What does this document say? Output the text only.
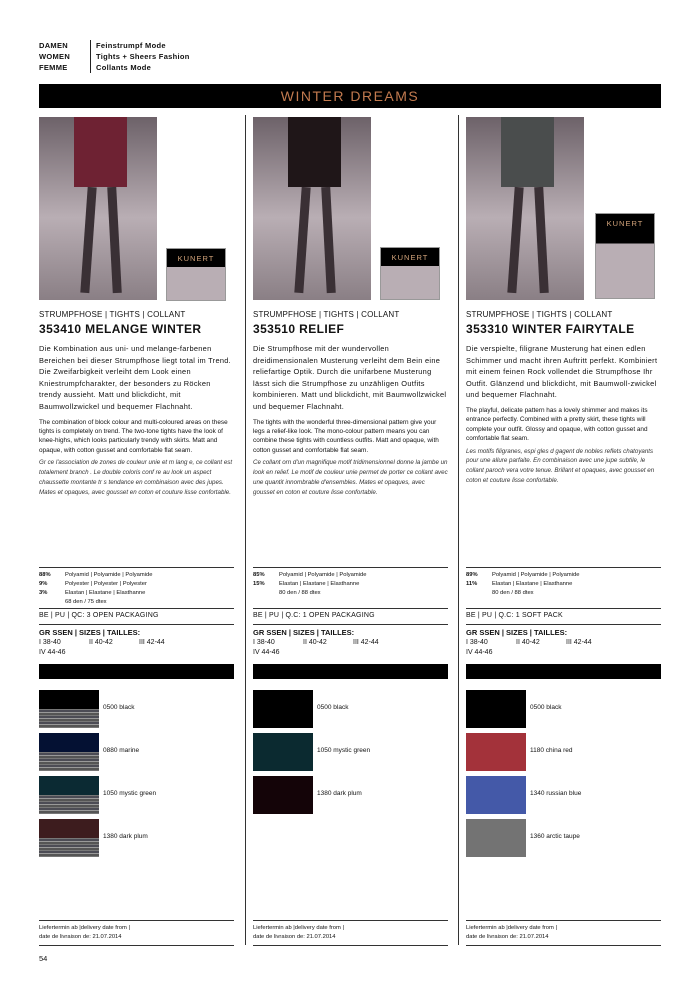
DAMEN	Feinstrumpf Mode
WOMEN	Tights + Sheers Fashion
FEMME	Collants Mode
WINTER DREAMS
KUNERT
STRUMPFHOSE | TIGHTS | COLLANT
353410 MELANGE WINTER
Die Kombination aus uni- und melange-farbenen Bereichen bei dieser Strumpfhose liegt total im Trend. Die Zweifarbigkeit verleiht dem Look einen Kniestrumpfcharakter, der besonders zu Röcken trendy aussieht. Matt und blickdicht, mit Baumwollzwickel und bequemer Flachnaht.
The combination of block colour and multi-coloured areas on these tights is completely on trend. The two-tone tights have the look of knee-highs, which looks particularly trendy with skirts. Matt and opaque, with cotton gusset and comfortable flat seam.
Gr ce l'association de zones de couleur unie et m lang e, ce collant est totalement branch . Le double coloris conf re au look un aspect chaussette montante tr s tendance en combinaison avec des jupes. Mates et opaques, avec gousset en coton et couture lisse confortable.
88% Polyamid | Polyamide | Polyamide
9%	Polyester | Polyester | Polyester
3%	Elastan | Elastane | Elasthanne
68 den / 75 dtex
BE | PU | QC: 3 OPEN PACKAGING
GR SSEN | SIZES | TAILLES:
I 38-40	II 40-42	III 42-44
IV 44-46
0500 black
0880 marine
1050 mystic green
1380 dark plum
Liefertermin ab |delivery date from |
date de livraison de: 21.07.2014
KUNERT
STRUMPFHOSE | TIGHTS | COLLANT
353510 RELIEF
Die Strumpfhose mit der wundervollen dreidimensionalen Musterung verleiht dem Bein eine reliefartige Optik. Durch die unifarbene Musterung lässt sich die Strumpfhose zu unzähligen Outfits kombinieren. Matt und blickdicht, mit Baumwollzwickel und bequemer Flachnaht.
The tights with the wonderful three-dimensional pattern give your legs a relief-like look. The mono-colour pattern means you can combine these tights with countless outfits. Matt and opaque, with cotton gusset and comfortable flat seam.
Ce collant orn d'un magnifique motif tridimensionnel donne la jambe un look en relief. Le motif de couleur unie permet de porter ce collant avec une quantit innombrable d'ensembles. Mates et opaques, avec gousset en coton et couture lisse confortable.
85% Polyamid | Polyamide | Polyamide
15% Elastan | Elastane | Elasthanne
80 den / 88 dtex
BE | PU | Q.C: 1 OPEN PACKAGING
GR SSEN | SIZES | TAILLES:
I 38-40	II 40-42	III 42-44
IV 44-46
0500 black
1050 mystic green
1380 dark plum
Liefertermin ab |delivery date from |
date de livraison de: 21.07.2014
KUNERT
STRUMPFHOSE | TIGHTS | COLLANT
353310 WINTER FAIRYTALE
Die verspielte, filigrane Musterung hat einen edlen Schimmer und macht ihren Auftritt perfekt. Kombiniert mit einem feinen Rock vollendet die Strumpfhose Ihr Outfit. Glänzend und blickdicht, mit Baumwoll-zwickel und bequemer Flachnaht.
The playful, delicate pattern has a lovely shimmer and makes its entrance perfectly. Combined with a pretty skirt, these tights will complete your outfit. Glossy and opaque, with cotton gusset and comfortable flat seam.
Les motifs filigranes, espi gles d gagent de nobles reflets chatoyants pour une allure parfaite. En combinaison avec une jupe subtile, le collant paroch vera votre tenue. Brillant et opaques, avec gousset en coton et couture lisse confortable.
89% Polyamid | Polyamide | Polyamide
11%	Elastan | Elastane | Elasthanne
80 den / 88 dtex
BE | PU | Q.C: 1 SOFT PACK
GR SSEN | SIZES | TAILLES:
I 38-40	II 40-42	III 42-44
IV 44-46
0500 black
1180 china red
1340 russian blue
1360 arctic taupe
Liefertermin ab |delivery date from |
date de livraison de: 21.07.2014
54
